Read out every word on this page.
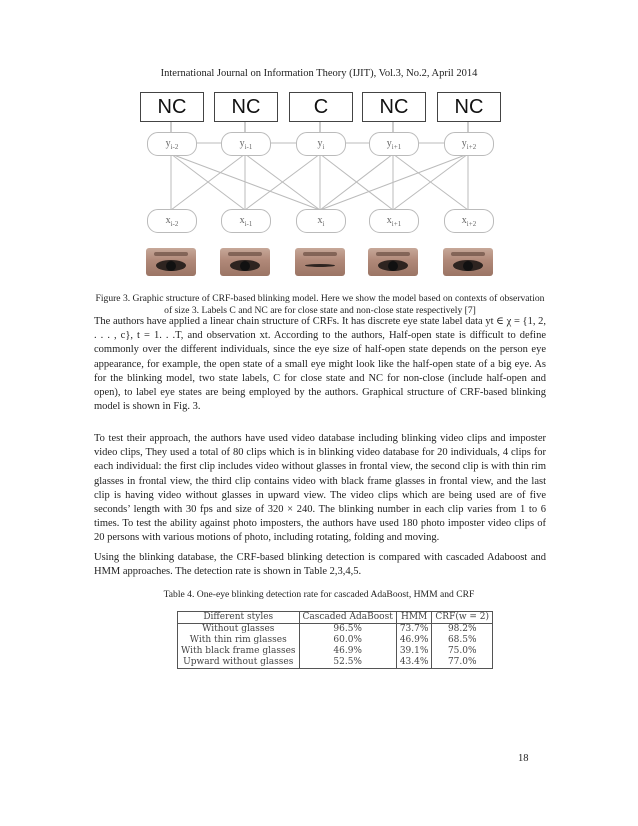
International Journal on Information Theory (IJIT), Vol.3, No.2, April 2014
NC	NC	C	NC	NC
$y_{i-2}$	$y_{i-1}$	$y_i$	$y_{i+1}$	$y_{i+2}$
$x_{i-2}$	$x_{i-1}$	$x_i$	$x_{i+1}$	$x_{i+2}$
Figure 3. Graphic structure of CRF-based blinking model. Here we show the model based on contexts of observation of size 3. Labels C and NC are for close state and non-close state respectively [7]

The authors have applied a linear chain structure of CRFs. It has discrete eye state label data yt ∈ χ = {1, 2, . . . , c}, t = 1. . .T, and observation xt. According to the authors, Half-open state is difficult to define commonly over the different individuals, since the eye size of half-open state depends on the person eye appearance, for example, the open state of a small eye might look like the half-open state of a big eye. As for the blinking model, two state labels, C for close state and NC for non-close (include half-open and open), to label eye states are being employed by the authors. Graphical structure of CRF-based blinking model is shown in Fig. 3.

To test their approach, the authors have used video database including blinking video clips and imposter video clips, They used a total of 80 clips which is in blinking video database for 20 individuals, 4 clips for each individual: the first clip includes video without glasses in frontal view, the second clip is with thin rim glasses in frontal view, the third clip contains video with black frame glasses in frontal view, and the last clip is having video without glasses in upward view. The video clips which are being used are of five seconds’ length with 30 fps and size of 320 × 240. The blinking number in each clip varies from 1 to 6 times. To test the ability against photo imposters, the authors have used 180 photo imposter video clips of 20 persons with various motions of photo, including rotating, folding and moving.

Using the blinking database, the CRF-based blinking detection is compared with cascaded Adaboost and HMM approaches. The detection rate is shown in Table 2,3,4,5.

Table 4. One-eye blinking detection rate for cascaded AdaBoost, HMM and CRF
Different styles	Cascaded AdaBoost	HMM	CRF(w = 2)
Without glasses	96.5%	73.7%	98.2%
With thin rim glasses	60.0%	46.9%	68.5%
With black frame glasses	46.9%	39.1%	75.0%
Upward without glasses	52.5%	43.4%	77.0%
18
